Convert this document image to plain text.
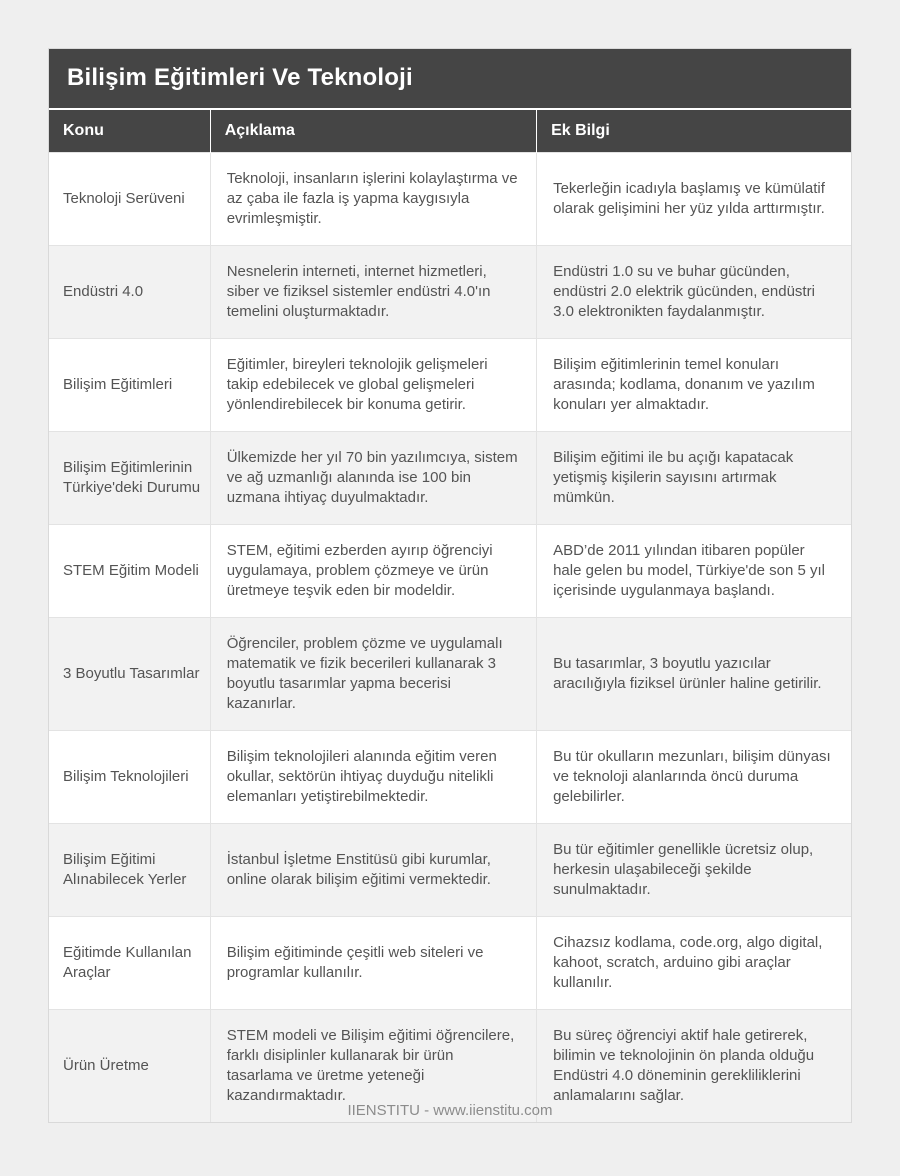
Bilişim Eğitimleri Ve Teknoloji
Konu	Açıklama	Ek Bilgi
Teknoloji Serüveni	Teknoloji, insanların işlerini kolaylaştırma ve az çaba ile fazla iş yapma kaygısıyla evrimleşmiştir.	Tekerleğin icadıyla başlamış ve kümülatif olarak gelişimini her yüz yılda arttırmıştır.
Endüstri 4.0	Nesnelerin interneti, internet hizmetleri, siber ve fiziksel sistemler endüstri 4.0'ın temelini oluşturmaktadır.	Endüstri 1.0 su ve buhar gücünden, endüstri 2.0 elektrik gücünden, endüstri 3.0 elektronikten faydalanmıştır.
Bilişim Eğitimleri	Eğitimler, bireyleri teknolojik gelişmeleri takip edebilecek ve global gelişmeleri yönlendirebilecek bir konuma getirir.	Bilişim eğitimlerinin temel konuları arasında; kodlama, donanım ve yazılım konuları yer almaktadır.
Bilişim Eğitimlerinin Türkiye'deki Durumu	Ülkemizde her yıl 70 bin yazılımcıya, sistem ve ağ uzmanlığı alanında ise 100 bin uzmana ihtiyaç duyulmaktadır.	Bilişim eğitimi ile bu açığı kapatacak yetişmiş kişilerin sayısını artırmak mümkün.
STEM Eğitim Modeli	STEM, eğitimi ezberden ayırıp öğrenciyi uygulamaya, problem çözmeye ve ürün üretmeye teşvik eden bir modeldir.	ABD’de 2011 yılından itibaren popüler hale gelen bu model, Türkiye'de son 5 yıl içerisinde uygulanmaya başlandı.
3 Boyutlu Tasarımlar	Öğrenciler, problem çözme ve uygulamalı matematik ve fizik becerileri kullanarak 3 boyutlu tasarımlar yapma becerisi kazanırlar.	Bu tasarımlar, 3 boyutlu yazıcılar aracılığıyla fiziksel ürünler haline getirilir.
Bilişim Teknolojileri	Bilişim teknolojileri alanında eğitim veren okullar, sektörün ihtiyaç duyduğu nitelikli elemanları yetiştirebilmektedir.	Bu tür okulların mezunları, bilişim dünyası ve teknoloji alanlarında öncü duruma gelebilirler.
Bilişim Eğitimi Alınabilecek Yerler	İstanbul İşletme Enstitüsü gibi kurumlar, online olarak bilişim eğitimi vermektedir.	Bu tür eğitimler genellikle ücretsiz olup, herkesin ulaşabileceği şekilde sunulmaktadır.
Eğitimde Kullanılan Araçlar	Bilişim eğitiminde çeşitli web siteleri ve programlar kullanılır.	Cihazsız kodlama, code.org, algo digital, kahoot, scratch, arduino gibi araçlar kullanılır.
Ürün Üretme	STEM modeli ve Bilişim eğitimi öğrencilere, farklı disiplinler kullanarak bir ürün tasarlama ve üretme yeteneği kazandırmaktadır.	Bu süreç öğrenciyi aktif hale getirerek, bilimin ve teknolojinin ön planda olduğu Endüstri 4.0 döneminin gerekliliklerini anlamalarını sağlar.
IIENSTITU - www.iienstitu.com
